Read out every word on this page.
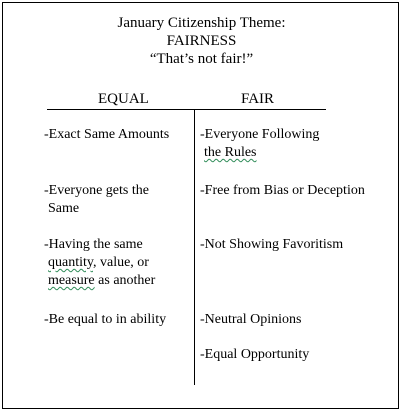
January Citizenship Theme:
FAIRNESS
“That’s not fair!”
EQUAL	FAIR
-Exact Same Amounts
-Everyone gets the
Same
-Having the same
quantity, value, or
measure as another
-Be equal to in ability
-Everyone Following
the Rules
-Free from Bias or Deception
-Not Showing Favoritism
-Neutral Opinions
-Equal Opportunity
